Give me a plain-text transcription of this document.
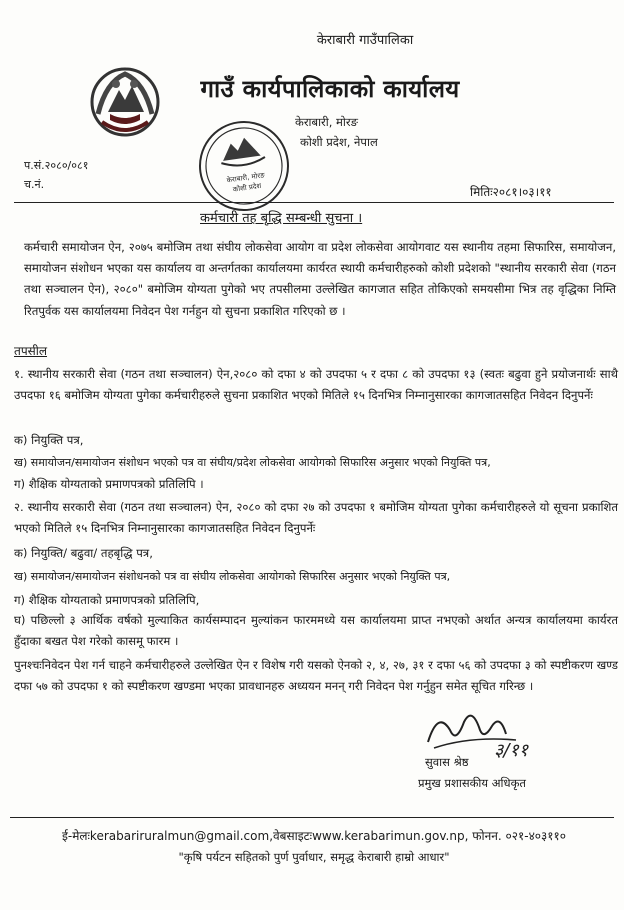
केराबारी गाउँपालिका
गाउँ कार्यपालिकाको कार्यालय
केराबारी, मोरङ
कोशी प्रदेश, नेपाल
केराबारी, मोरङ
कोशी प्रदेश
प.सं.२०८०/०८१
च.नं.
मितिः२०८१।०३।११
कर्मचारी तह बृद्धि सम्बन्धी सुचना ।
कर्मचारी समायोजन ऐन, २०७५ बमोजिम तथा संघीय लोकसेवा आयोग वा प्रदेश लोकसेवा आयोगवाट यस स्थानीय तहमा सिफारिस, समायोजन, समायोजन संशोधन भएका यस कार्यालय वा अन्तर्गतका कार्यालयमा कार्यरत स्थायी कर्मचारीहरुको कोशी प्रदेशको "स्थानीय सरकारी सेवा (गठन तथा सञ्चालन ऐन), २०८०" बमोजिम योग्यता पुगेको भए तपसीलमा उल्लेखित कागजात सहित तोकिएको समयसीमा भित्र तह वृद्धिका निम्ति रितपुर्वक यस कार्यालयमा निवेदन पेश गर्नहुन यो सुचना प्रकाशित गरिएको छ ।
तपसील
१. स्थानीय सरकारी सेवा (गठन तथा सञ्चालन) ऐन,२०८० को दफा ४ को उपदफा ५ र दफा ८ को उपदफा १३ (स्वतः बढुवा हुने प्रयोजनार्थः साथै उपदफा १६ बमोजिम योग्यता पुगेका कर्मचारीहरुले सुचना प्रकाशित भएको मितिले १५ दिनभित्र निम्नानुसारका कागजातसहित निवेदन दिनुपर्नेः
क) नियुक्ति पत्र,
ख) समायोजन/समायोजन संशोधन भएको पत्र वा संघीय/प्रदेश लोकसेवा आयोगको सिफारिस अनुसार भएको नियुक्ति पत्र,
ग) शैक्षिक योग्यताको प्रमाणपत्रको प्रतिलिपि ।
२. स्थानीय सरकारी सेवा (गठन तथा सञ्चालन) ऐन, २०८० को दफा २७ को उपदफा १ बमोजिम योग्यता पुगेका कर्मचारीहरुले यो सूचना प्रकाशित भएको मितिले १५ दिनभित्र निम्नानुसारका कागजातसहित निवेदन दिनुपर्नेः
क) नियुक्ति/ बढुवा/ तहबृद्धि पत्र,
ख) समायोजन/समायोजन संशोधनको पत्र वा संघीय लोकसेवा आयोगको सिफारिस अनुसार भएको नियुक्ति पत्र,
ग) शैक्षिक योग्यताको प्रमाणपत्रको प्रतिलिपि,
घ) पछिल्लो ३ आर्थिक वर्षको मुल्याकित कार्यसम्पादन मुल्यांकन फारममध्ये यस कार्यालयमा प्राप्त नभएको अर्थात अन्यत्र कार्यालयमा कार्यरत हुँदाका बखत पेश गरेको कासमू फारम ।
पुनश्चःनिवेदन पेश गर्न चाहने कर्मचारीहरुले उल्लेखित ऐन र विशेष गरी यसको ऐनको २, ४, २७, ३१ र दफा ५६ को उपदफा ३ को स्पष्टीकरण खण्ड दफा ५७ को उपदफा १ को स्पष्टीकरण खण्डमा भएका प्रावधानहरु अध्ययन मनन् गरी निवेदन पेश गर्नुहुन समेत सूचित गरिन्छ ।
३/११
सुवास श्रेष्ठ
प्रमुख प्रशासकीय अधिकृत
ई-मेलःkerabariruralmun@gmail.com,वेबसाइटःwww.kerabarimun.gov.np, फोनन. ०२१-४०३११०
"कृषि पर्यटन सहितको पुर्ण पुर्वाधार, समृद्ध केराबारी हाम्रो आधार"
